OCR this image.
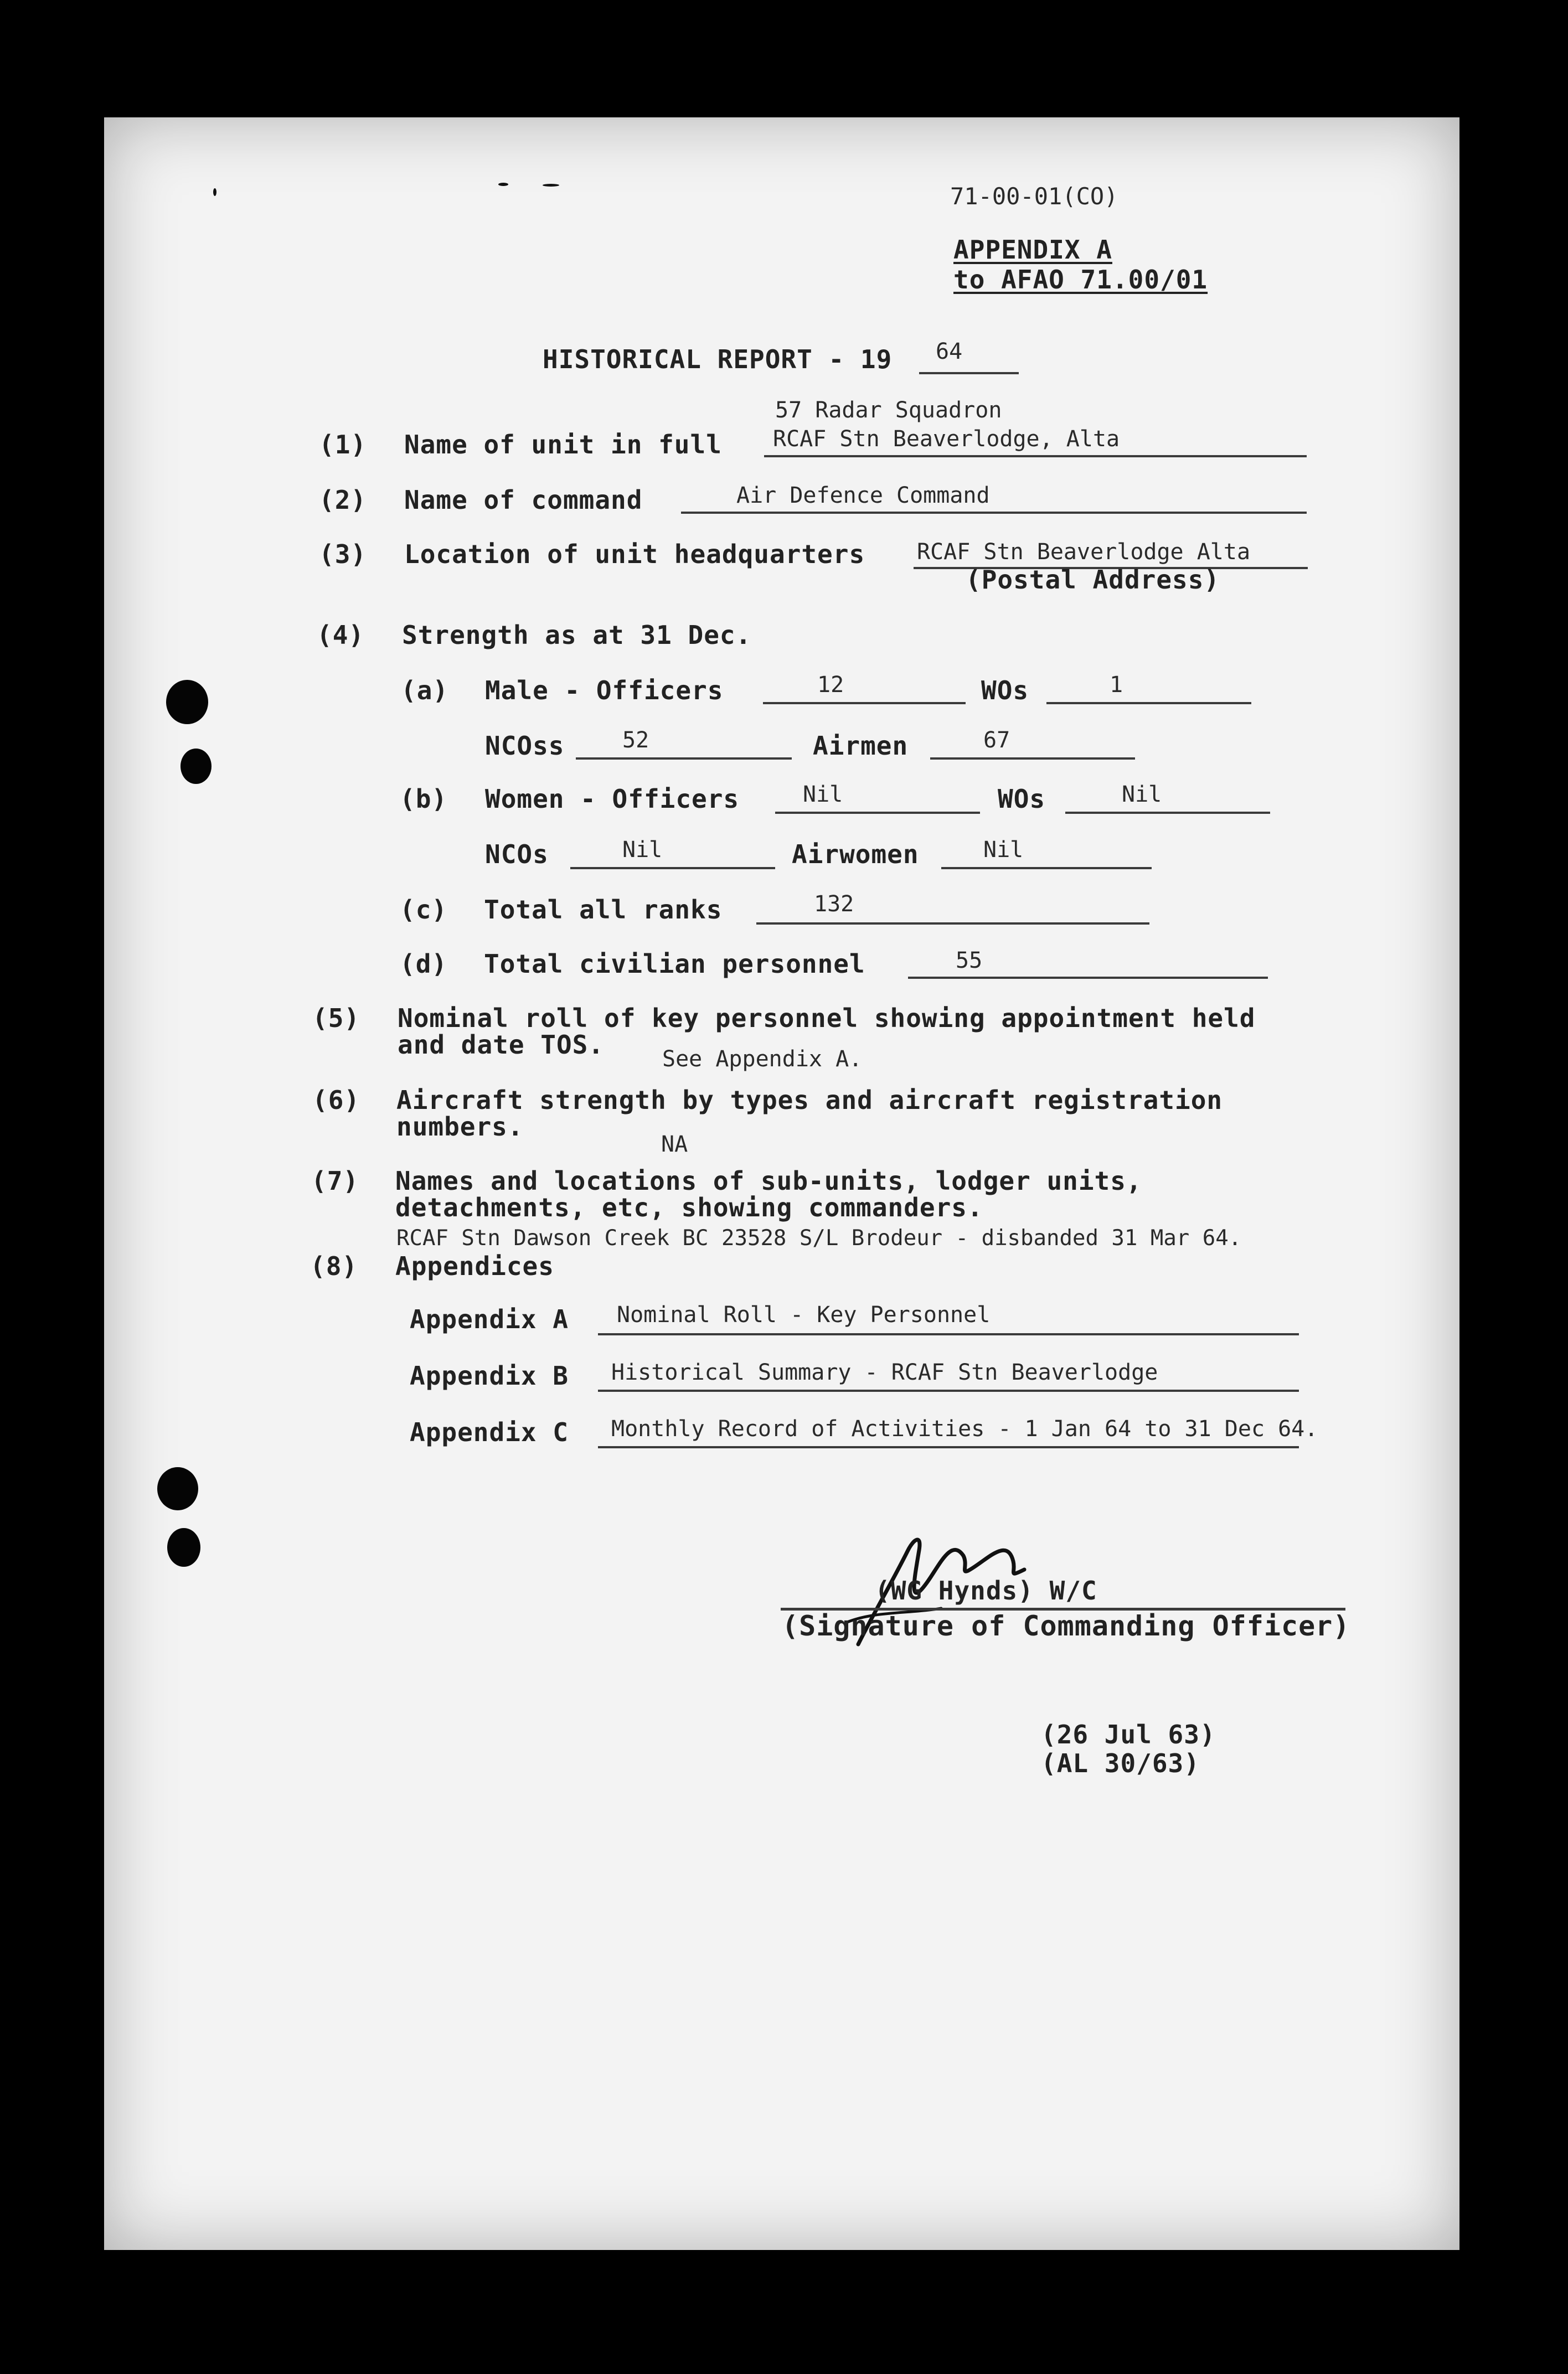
71-00-01(CO)
APPENDIX A
to AFAO 71.00/01
HISTORICAL REPORT - 19 64
(1) Name of unit in full
57 Radar Squadron
RCAF Stn Beaverlodge, Alta
(2) Name of command	Air Defence Command
(3) Location of unit headquarters RCAF Stn Beaverlodge Alta
(Postal Address)
(4) Strength as at 31 Dec.
(a) Male - Officers	12	WOs	1
NCOss	52	Airmen	67
(b) Women - Officers	Nil	WOs	Nil
NCOs	Nil	Airwomen	Nil
(c) Total all ranks	132
(d) Total civilian personnel	55
(5) Nominal roll of key personnel showing appointment held
and date TOS.	See Appendix A.
(6) Aircraft strength by types and aircraft registration
numbers.
NA
(7) Names and locations of sub-units, lodger units,
detachments, etc, showing commanders.
RCAF Stn Dawson Creek BC 23528 S/L Brodeur - disbanded 31 Mar 64.
(8) Appendices
Appendix A Nominal Roll - Key Personnel
Appendix B Historical Summary - RCAF Stn Beaverlodge
Appendix C Monthly Record of Activities - 1 Jan 64 to 31 Dec 64.
(WG Hynds) W/C
(Signature of Commanding Officer)
(26 Jul 63)
(AL 30/63)
